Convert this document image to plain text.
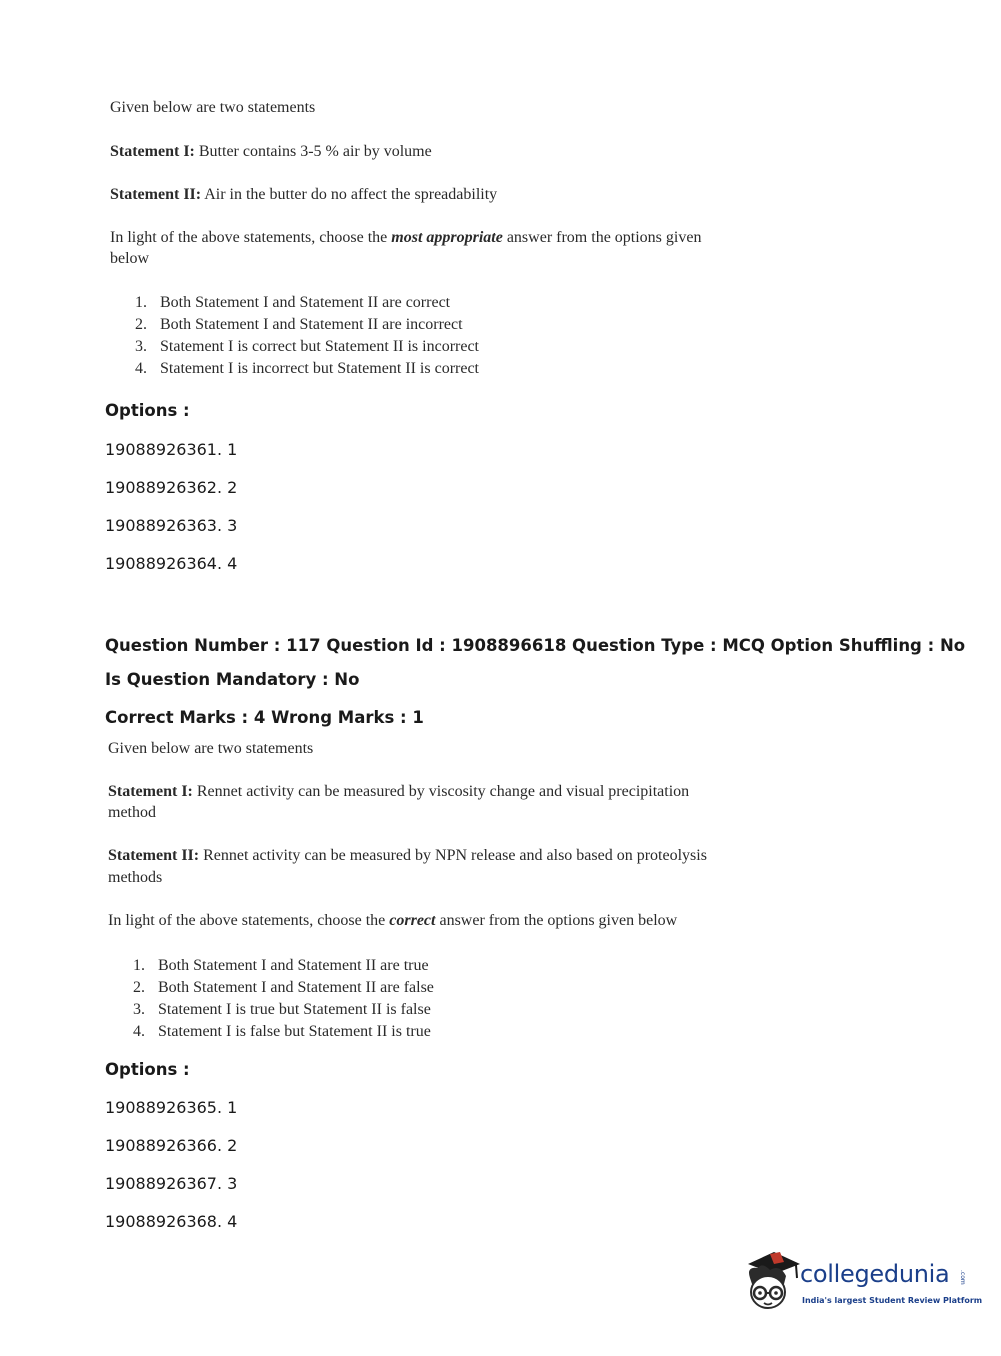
Given below are two statements
Statement I: Butter contains 3-5 % air by volume
Statement II: Air in the butter do no affect the spreadability
In light of the above statements, choose the most appropriate answer from the options given
below
1. Both Statement I and Statement II are correct
2. Both Statement I and Statement II are incorrect
3. Statement I is correct but Statement II is incorrect
4. Statement I is incorrect but Statement II is correct
Options :
19088926361. 1
19088926362. 2
19088926363. 3
19088926364. 4
Question Number : 117 Question Id : 1908896618 Question Type : MCQ Option Shuffling : No
Is Question Mandatory : No
Correct Marks : 4 Wrong Marks : 1
Given below are two statements
Statement I: Rennet activity can be measured by viscosity change and visual precipitation
method
Statement II: Rennet activity can be measured by NPN release and also based on proteolysis
methods
In light of the above statements, choose the correct answer from the options given below
1. Both Statement I and Statement II are true
2. Both Statement I and Statement II are false
3. Statement I is true but Statement II is false
4. Statement I is false but Statement II is true
Options :
19088926365. 1
19088926366. 2
19088926367. 3
19088926368. 4
collegedunia .com
India's largest Student Review Platform
